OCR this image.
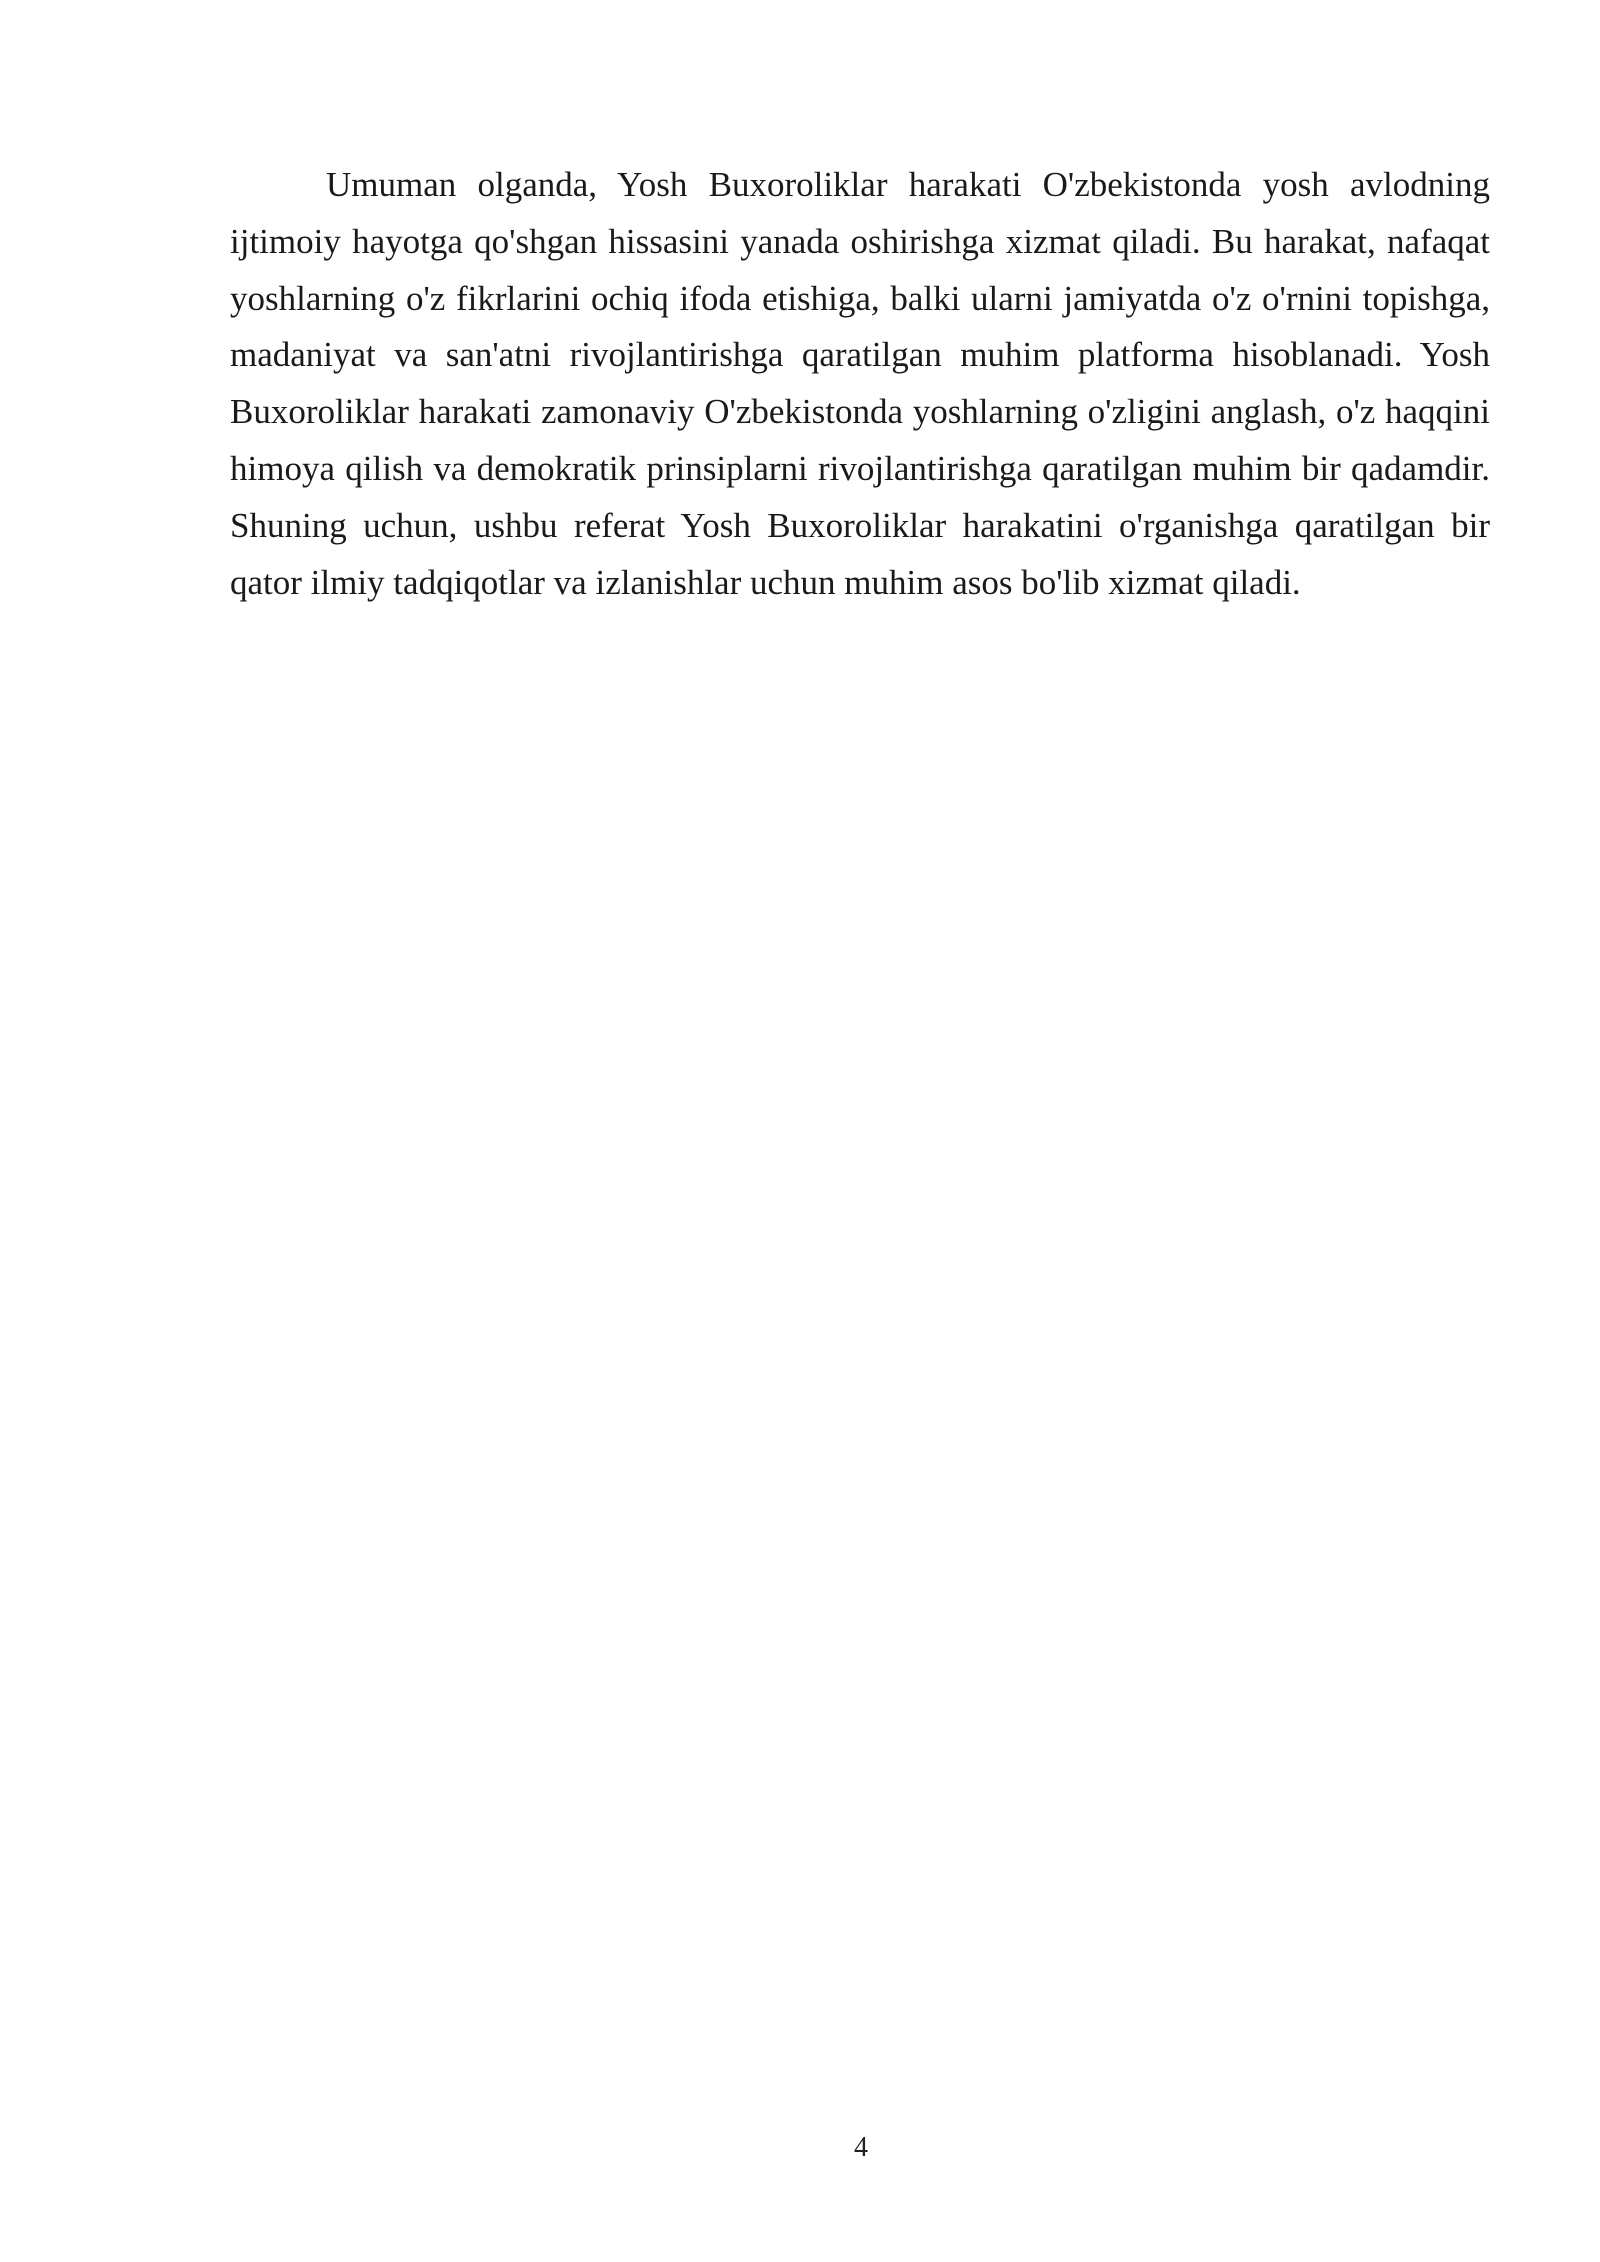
Umuman olganda, Yosh Buxoroliklar harakati O'zbekistonda yosh avlodning ijtimoiy hayotga qo'shgan hissasini yanada oshirishga xizmat qiladi. Bu harakat, nafaqat yoshlarning o'z fikrlarini ochiq ifoda etishiga, balki ularni jamiyatda o'z o'rnini topishga, madaniyat va san'atni rivojlantirishga qaratilgan muhim platforma hisoblanadi. Yosh Buxoroliklar harakati zamonaviy O'zbekistonda yoshlarning o'zligini anglash, o'z haqqini himoya qilish va demokratik prinsiplarni rivojlantirishga qaratilgan muhim bir qadamdir. Shuning uchun, ushbu referat Yosh Buxoroliklar harakatini o'rganishga qaratilgan bir qator ilmiy tadqiqotlar va izlanishlar uchun muhim asos bo'lib xizmat qiladi.

4
